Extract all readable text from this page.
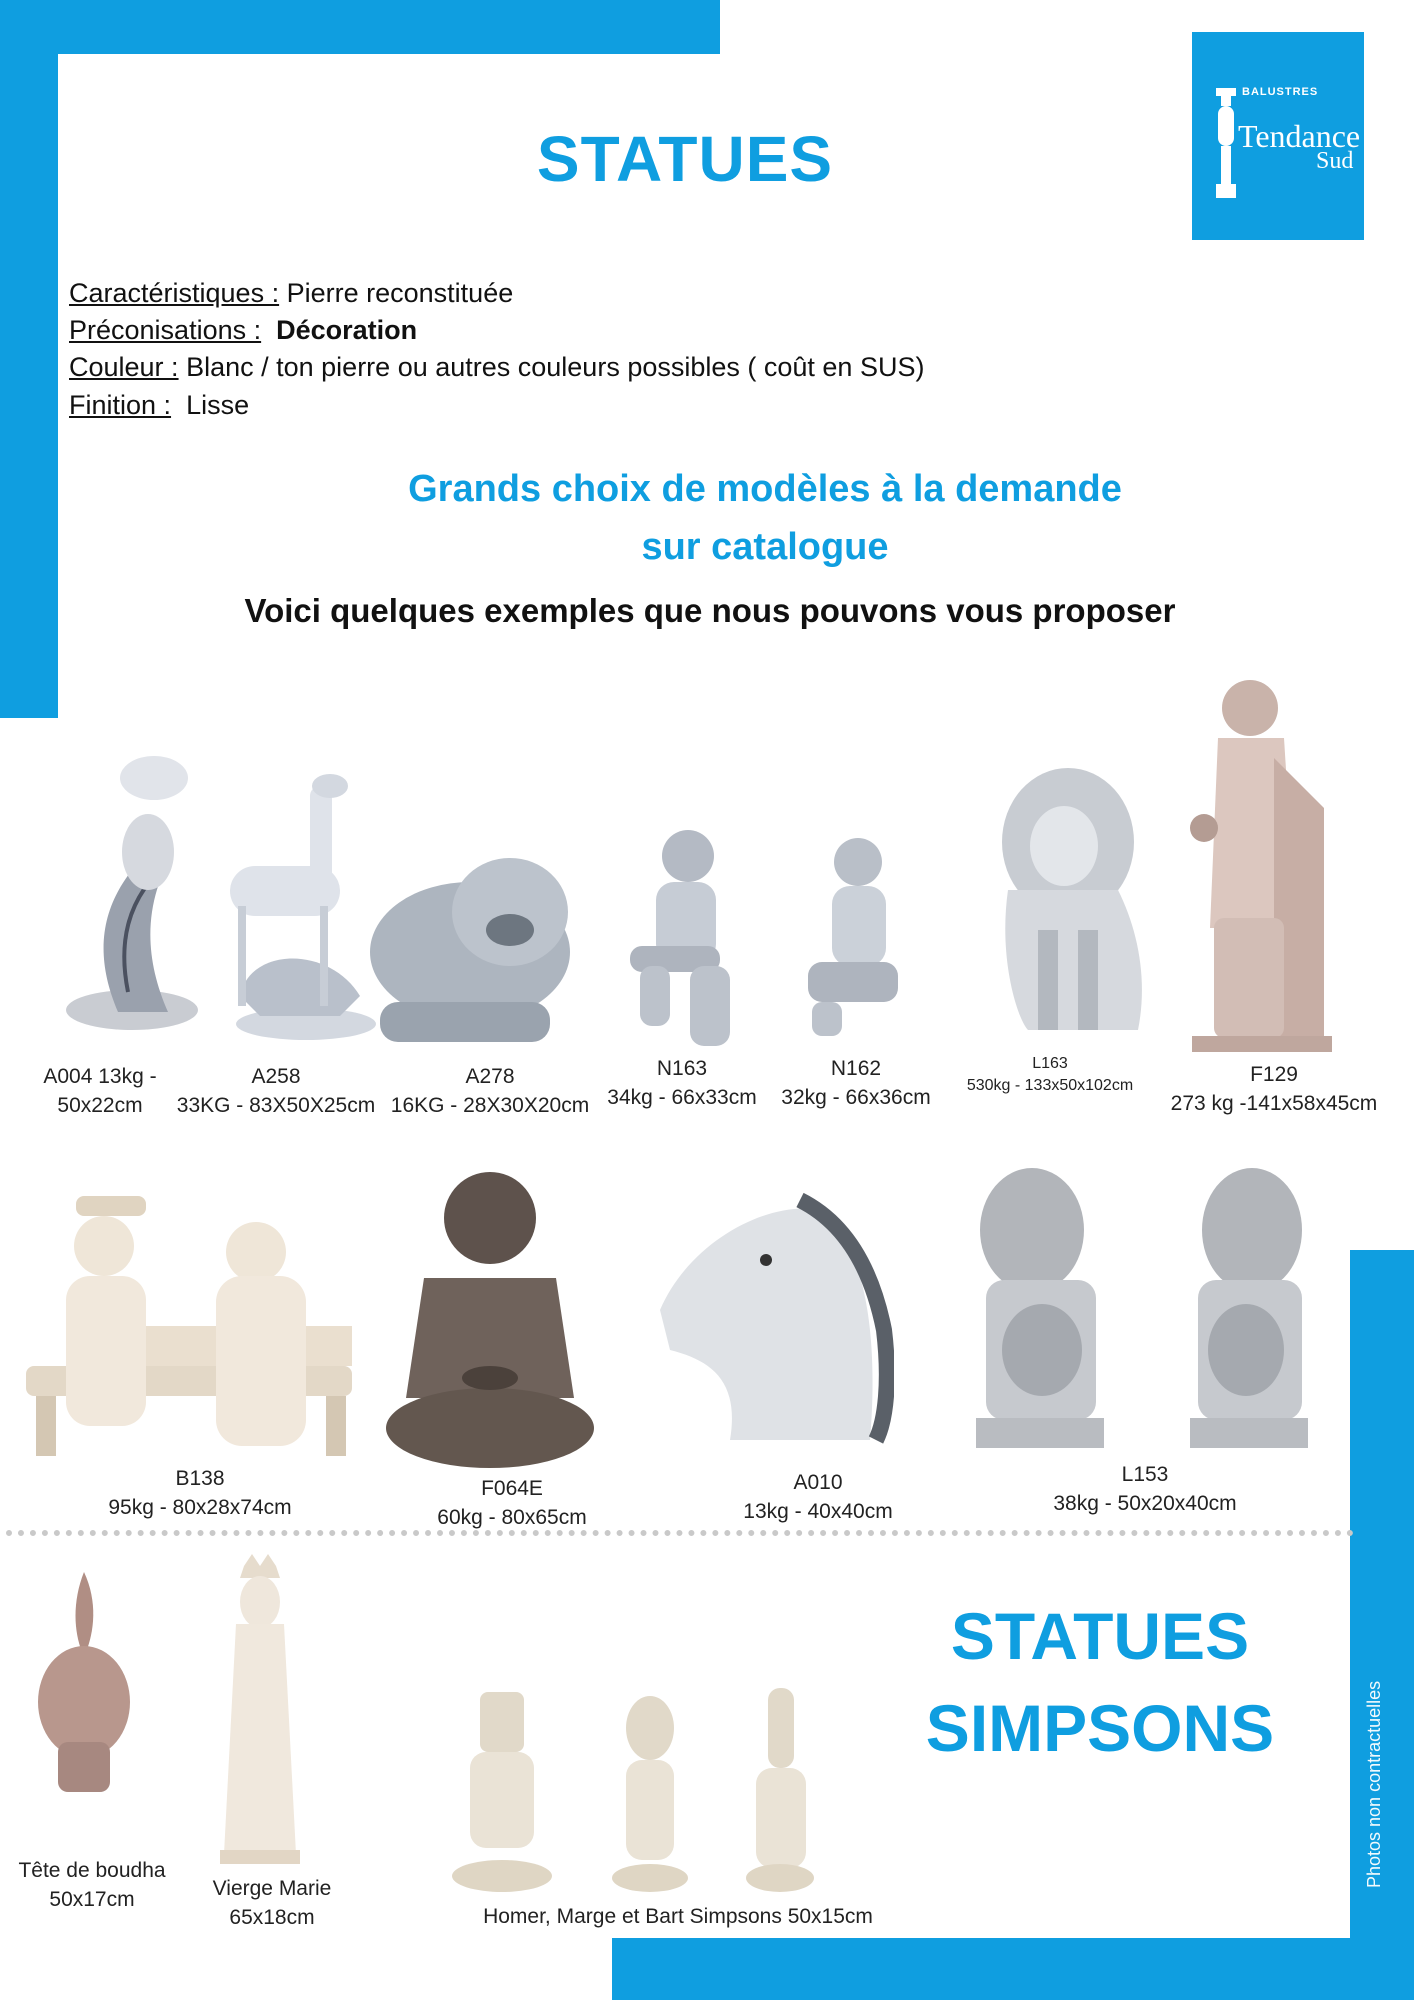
BALUSTRES
Tendance
Sud
STATUES
Caractéristiques : Pierre reconstituée
Préconisations : Décoration
Couleur : Blanc / ton pierre ou autres couleurs possibles ( coût en SUS)
Finition : Lisse
Grands choix de modèles à la demande
sur catalogue
Voici quelques exemples que nous pouvons vous proposer
A004 13kg -
50x22cm
A258
33KG - 83X50X25cm
A278
16KG - 28X30X20cm
N163
34kg - 66x33cm
N162
32kg - 66x36cm
L163
530kg - 133x50x102cm	F129
273 kg -141x58x45cm
B138
95kg - 80x28x74cm
F064E
60kg - 80x65cm
A010
13kg - 40x40cm
L153
38kg - 50x20x40cm
Tête de boudha
50x17cm	Vierge Marie
65x18cm	Homer, Marge et Bart Simpsons 50x15cm
STATUES
SIMPSONS	Photos non contractuelles
